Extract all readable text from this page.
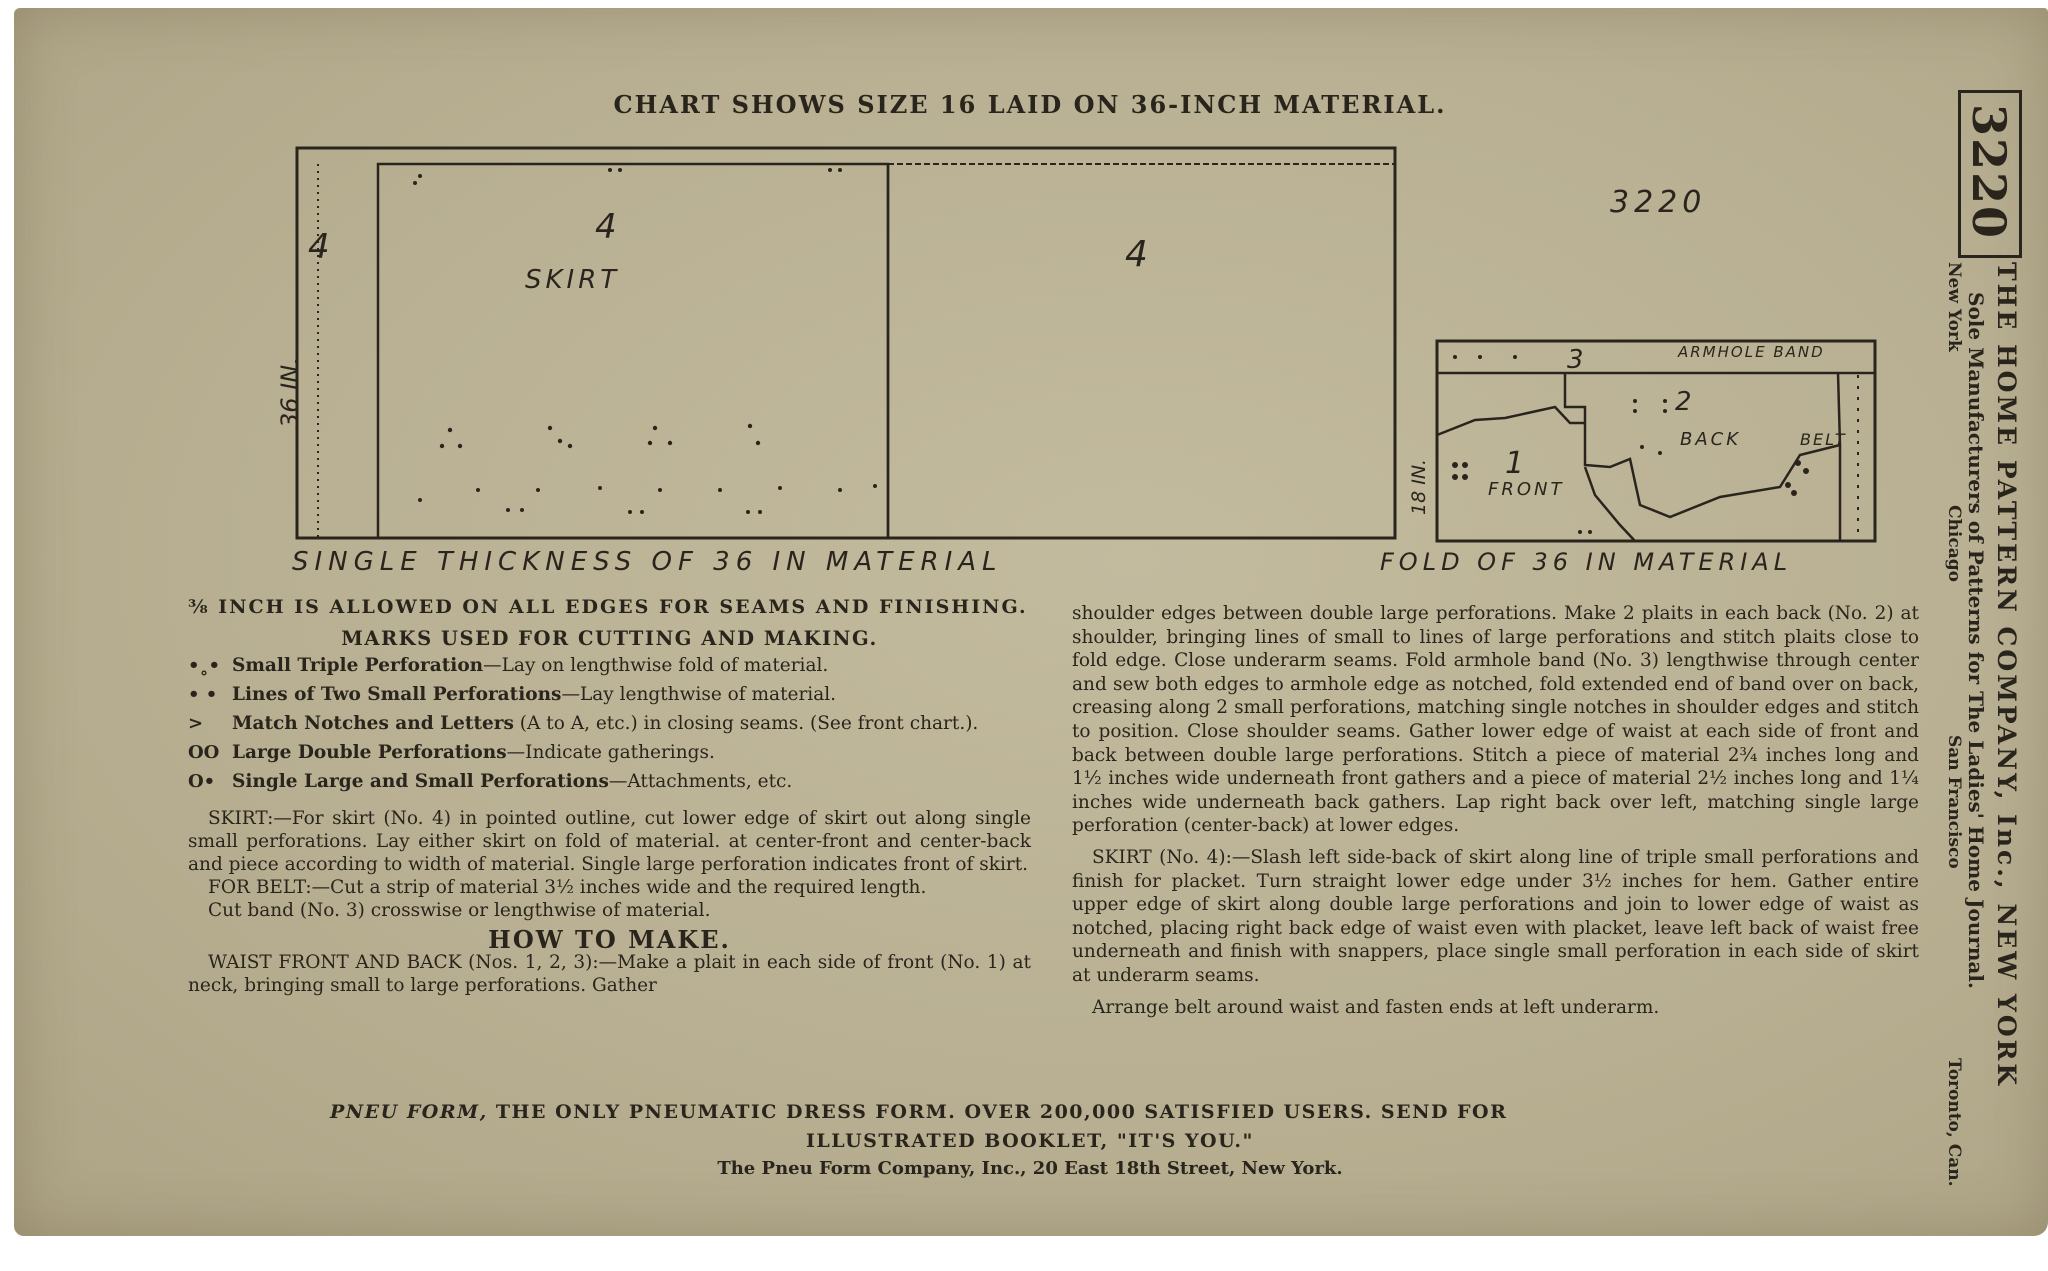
CHART SHOWS SIZE 16 LAID ON 36-INCH MATERIAL.
4	4
4
SKIRT
36 IN.
SINGLE THICKNESS OF 36 IN MATERIAL
3220
3	ARMHOLE BAND
2
BACK
1
FRONT
BELT
18 IN.
FOLD OF 36 IN MATERIAL
⅜ INCH IS ALLOWED ON ALL EDGES FOR SEAMS AND FINISHING.
MARKS USED FOR CUTTING AND MAKING.
•˳• Small Triple Perforation—Lay on lengthwise fold of material.
• • Lines of Two Small Perforations—Lay lengthwise of material.
>	Match Notches and Letters (A to A, etc.) in closing seams. (See front chart.).
OO Large Double Perforations—Indicate gatherings.
O• Single Large and Small Perforations—Attachments, etc.

SKIRT:—For skirt (No. 4) in pointed outline, cut lower edge of skirt out along single small perforations. Lay either skirt on fold of material. at center-front and center-back and piece according to width of material. Single large perforation indicates front of skirt.

FOR BELT:—Cut a strip of material 3½ inches wide and the required length.

Cut band (No. 3) crosswise or lengthwise of material.

HOW TO MAKE.

WAIST FRONT AND BACK (Nos. 1, 2, 3):—Make a plait in each side of front (No. 1) at neck, bringing small to large perforations. Gather

shoulder edges between double large perforations. Make 2 plaits in each back (No. 2) at shoulder, bringing lines of small to lines of large perforations and stitch plaits close to fold edge. Close underarm seams. Fold armhole band (No. 3) lengthwise through center and sew both edges to armhole edge as notched, fold extended end of band over on back, creasing along 2 small perforations, matching single notches in shoulder edges and stitch to position. Close shoulder seams. Gather lower edge of waist at each side of front and back between double large perforations. Stitch a piece of material 2¾ inches long and 1½ inches wide underneath front gathers and a piece of material 2½ inches long and 1¼ inches wide underneath back gathers. Lap right back over left, matching single large perforation (center-back) at lower edges.

SKIRT (No. 4):—Slash left side-back of skirt along line of triple small perforations and finish for placket. Turn straight lower edge under 3½ inches for hem. Gather entire upper edge of skirt along double large perforations and join to lower edge of waist as notched, placing right back edge of waist even with placket, leave left back of waist free underneath and finish with snappers, place single small perforation in each side of skirt at underarm seams.

Arrange belt around waist and fasten ends at left underarm.

PNEU FORM, THE ONLY PNEUMATIC DRESS FORM. OVER 200,000 SATISFIED USERS. SEND FOR
ILLUSTRATED BOOKLET, "IT'S YOU."
The Pneu Form Company, Inc., 20 East 18th Street, New York.
3220
THE HOME PATTERN COMPANY, Inc., NEW YORK
Sole Manufacturers of Patterns for The Ladies' Home Journal.
New York
Chicago
San Francisco
Toronto, Can.
